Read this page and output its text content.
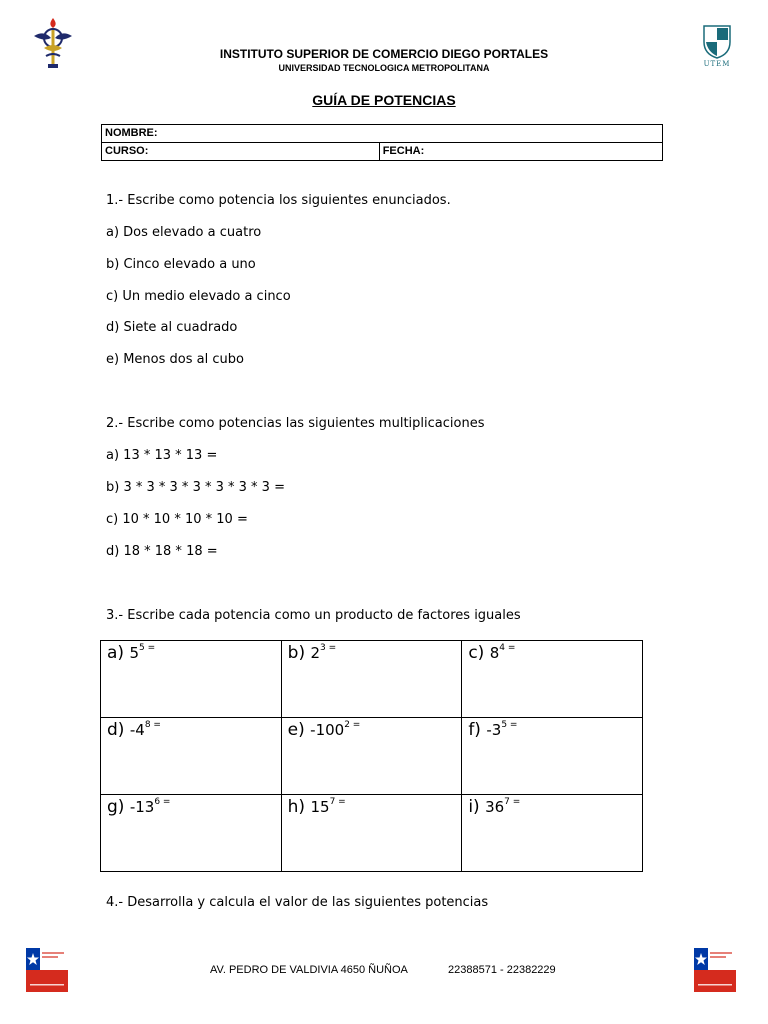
INSTITUTO SUPERIOR DE COMERCIO DIEGO PORTALES
UNIVERSIDAD TECNOLOGICA METROPOLITANA	UTEM
GUÍA DE POTENCIAS
NOMBRE:
CURSO:	FECHA:
1.- Escribe como potencia los siguientes enunciados.
a) Dos elevado a cuatro
b) Cinco elevado a uno
c) Un medio elevado a cinco
d) Siete al cuadrado
e) Menos dos al cubo
2.- Escribe como potencias las siguientes multiplicaciones
a) 13 * 13 * 13 =
b) 3 * 3 * 3 * 3 * 3 * 3 * 3 =
c) 10 * 10 * 10 * 10 =
d) 18 * 18 * 18 =
3.- Escribe cada potencia como un producto de factores iguales
a) $5^{5 =}$	b) $2^{3 =}$	c) $8^{4 =}$
d) $-4^{8 =}$	e) $-100^{2 =}$	f) $-3^{5 =}$
g) $-13^{6 =}$	h) $15^{7 =}$	i) $36^{7 =}$
4.- Desarrolla y calcula el valor de las siguientes potencias
AV. PEDRO DE VALDIVIA 4650 ÑUÑOA	22388571 - 22382229
